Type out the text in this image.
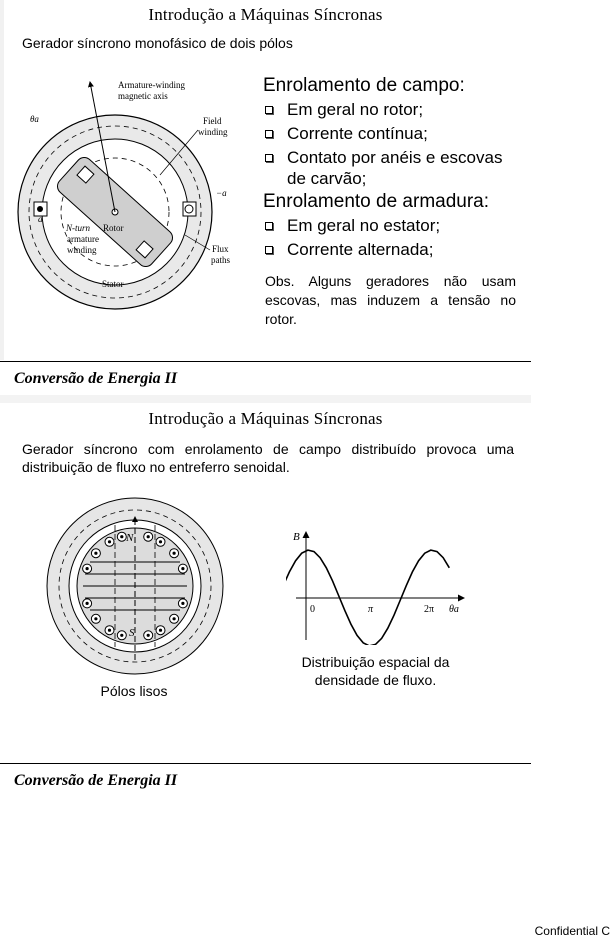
Introdução a Máquinas Síncronas
Gerador síncrono monofásico de dois pólos
Armature-winding
magnetic axis
θa	Field
winding
−a
a
Rotor
N-turn
armature
winding	Flux
paths
Stator
Enrolamento de campo:
Em geral no rotor;
Corrente contínua;
Contato por anéis e escovas de carvão;
Enrolamento de armadura:
Em geral no estator;
Corrente alternada;
Obs. Alguns geradores não usam escovas, mas induzem a tensão no rotor.
Conversão de Energia II
Introdução a Máquinas Síncronas
Gerador síncrono com enrolamento de campo distribuído provoca uma distribuição de fluxo no entreferro senoidal.
N
S
Pólos lisos
B
0	π	2π θa
Distribuição espacial da densidade de fluxo.
Conversão de Energia II
Confidential C
